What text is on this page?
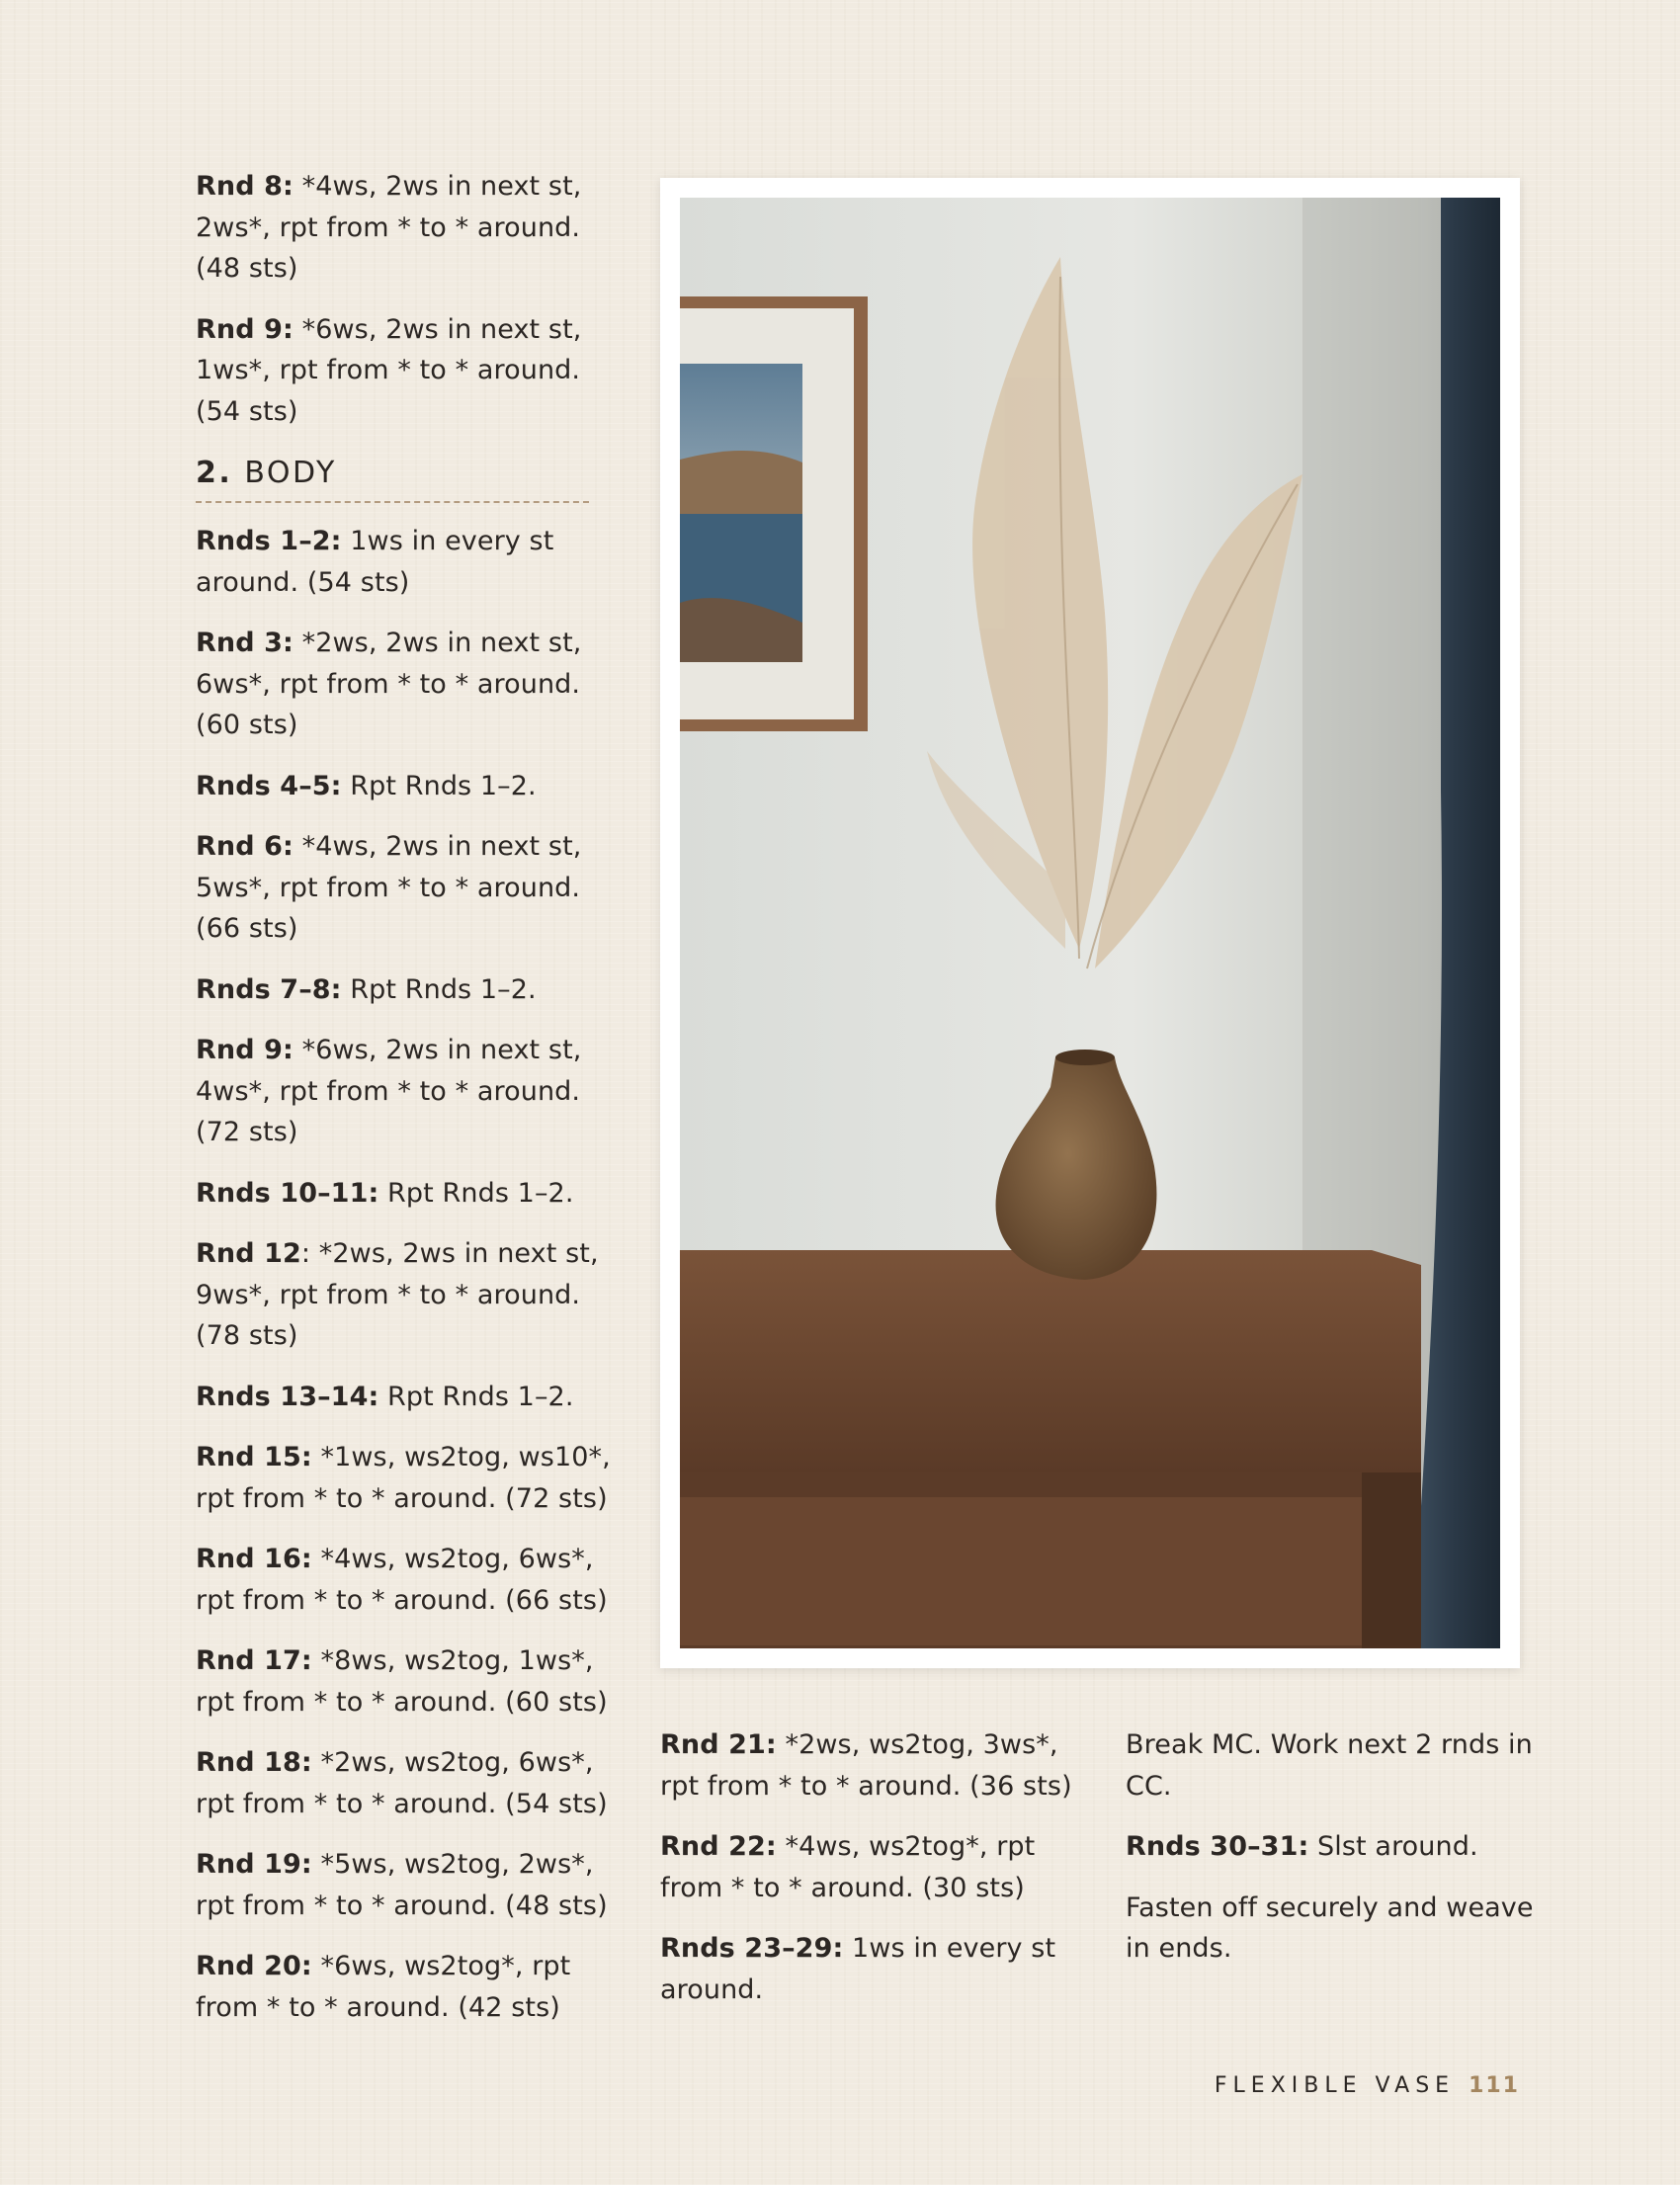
Rnd 8: *4ws, 2ws in next st, 2ws*, rpt from * to * around. (48 sts)

Rnd 9: *6ws, 2ws in next st, 1ws*, rpt from * to * around. (54 sts)

2. BODY

Rnds 1–2: 1ws in every st around. (54 sts)

Rnd 3: *2ws, 2ws in next st, 6ws*, rpt from * to * around. (60 sts)

Rnds 4–5: Rpt Rnds 1–2.

Rnd 6: *4ws, 2ws in next st, 5ws*, rpt from * to * around. (66 sts)

Rnds 7–8: Rpt Rnds 1–2.

Rnd 9: *6ws, 2ws in next st, 4ws*, rpt from * to * around. (72 sts)

Rnds 10–11: Rpt Rnds 1–2.

Rnd 12: *2ws, 2ws in next st, 9ws*, rpt from * to * around. (78 sts)

Rnds 13–14: Rpt Rnds 1–2.

Rnd 15: *1ws, ws2tog, ws10*, rpt from * to * around. (72 sts)

Rnd 16: *4ws, ws2tog, 6ws*, rpt from * to * around. (66 sts)

Rnd 17: *8ws, ws2tog, 1ws*, rpt from * to * around. (60 sts)

Rnd 18: *2ws, ws2tog, 6ws*, rpt from * to * around. (54 sts)

Rnd 19: *5ws, ws2tog, 2ws*, rpt from * to * around. (48 sts)

Rnd 20: *6ws, ws2tog*, rpt from * to * around. (42 sts)

Rnd 21: *2ws, ws2tog, 3ws*, rpt from * to * around. (36 sts)

Rnd 22: *4ws, ws2tog*, rpt from * to * around. (30 sts)

Rnds 23–29: 1ws in every st around.

Break MC. Work next 2 rnds in CC.

Rnds 30–31: Slst around.

Fasten off securely and weave in ends.

FLEXIBLE VASE 111
